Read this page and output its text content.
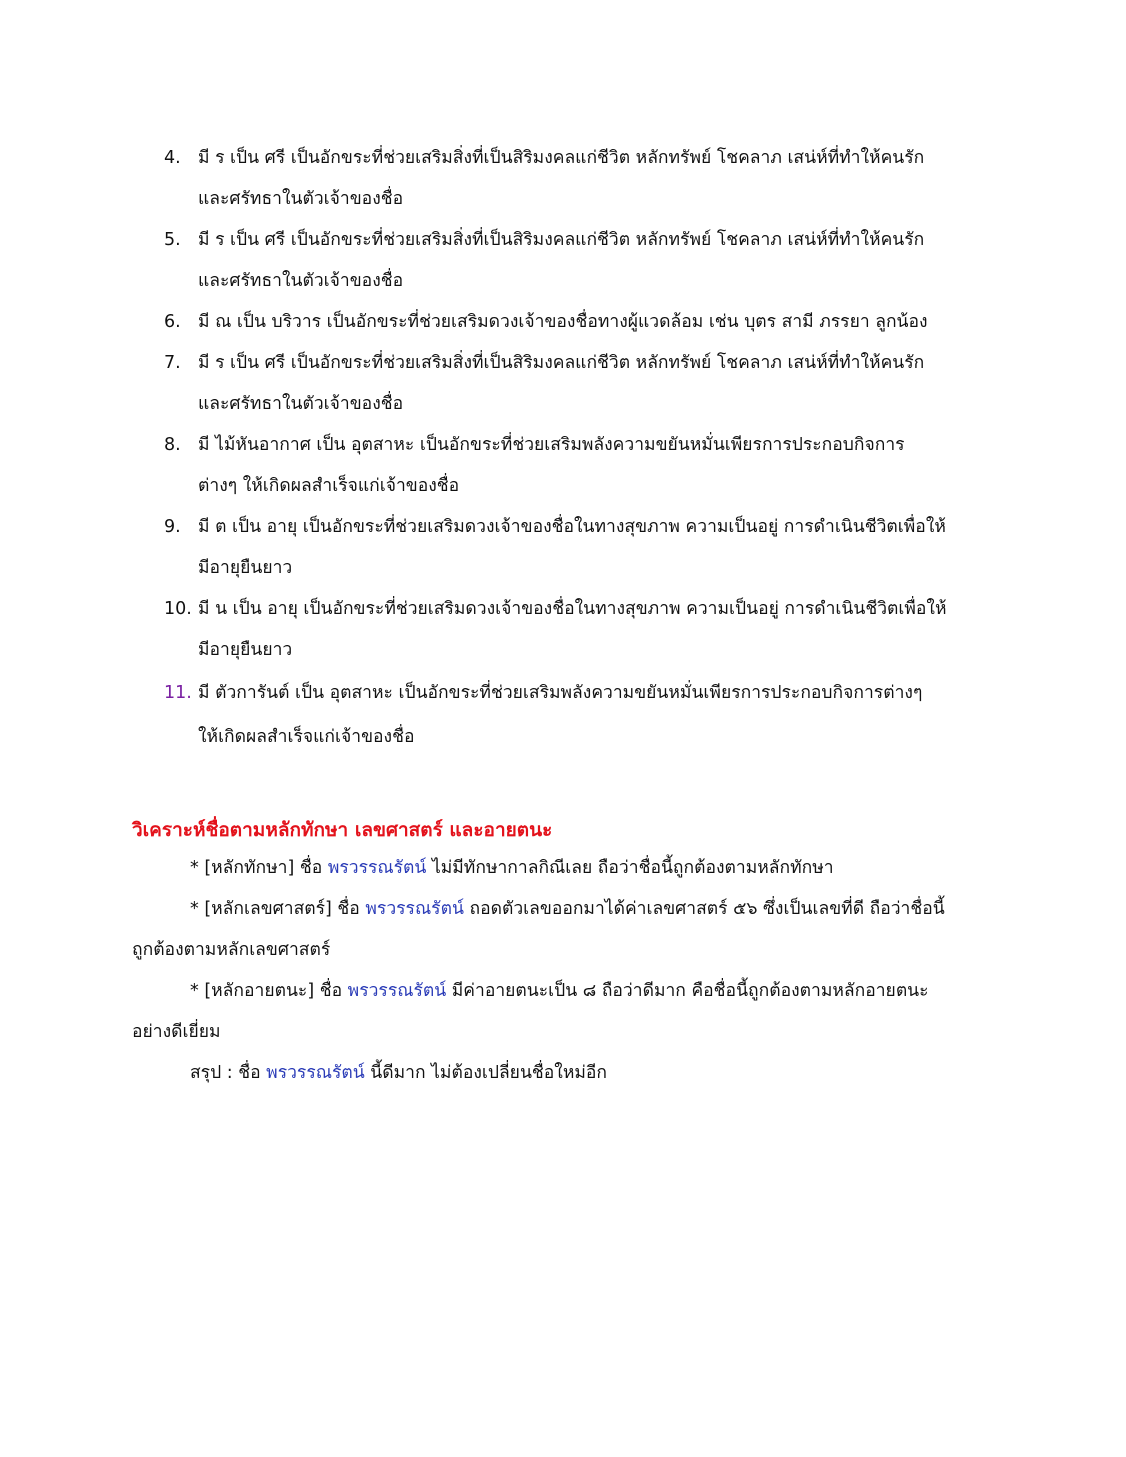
4. มี ร เป็น ศรี เป็นอักขระที่ช่วยเสริมสิ่งที่เป็นสิริมงคลแก่ชีวิต หลักทรัพย์ โชคลาภ เสน่ห์ที่ทำให้คนรัก
และศรัทธาในตัวเจ้าของชื่อ
5. มี ร เป็น ศรี เป็นอักขระที่ช่วยเสริมสิ่งที่เป็นสิริมงคลแก่ชีวิต หลักทรัพย์ โชคลาภ เสน่ห์ที่ทำให้คนรัก
และศรัทธาในตัวเจ้าของชื่อ
6. มี ณ เป็น บริวาร เป็นอักขระที่ช่วยเสริมดวงเจ้าของชื่อทางผู้แวดล้อม เช่น บุตร สามี ภรรยา ลูกน้อง
7. มี ร เป็น ศรี เป็นอักขระที่ช่วยเสริมสิ่งที่เป็นสิริมงคลแก่ชีวิต หลักทรัพย์ โชคลาภ เสน่ห์ที่ทำให้คนรัก
และศรัทธาในตัวเจ้าของชื่อ
8. มี ไม้หันอากาศ เป็น อุตสาหะ เป็นอักขระที่ช่วยเสริมพลังความขยันหมั่นเพียรการประกอบกิจการ
ต่างๆ ให้เกิดผลสำเร็จแก่เจ้าของชื่อ
9. มี ต เป็น อายุ เป็นอักขระที่ช่วยเสริมดวงเจ้าของชื่อในทางสุขภาพ ความเป็นอยู่ การดำเนินชีวิตเพื่อให้
มีอายุยืนยาว
10. มี น เป็น อายุ เป็นอักขระที่ช่วยเสริมดวงเจ้าของชื่อในทางสุขภาพ ความเป็นอยู่ การดำเนินชีวิตเพื่อให้
มีอายุยืนยาว
11. มี ตัวการันต์ เป็น อุตสาหะ เป็นอักขระที่ช่วยเสริมพลังความขยันหมั่นเพียรการประกอบกิจการต่างๆ
ให้เกิดผลสำเร็จแก่เจ้าของชื่อ
วิเคราะห์ชื่อตามหลักทักษา เลขศาสตร์ และอายตนะ
* [หลักทักษา] ชื่อ พรวรรณรัตน์ ไม่มีทักษากาลกิณีเลย ถือว่าชื่อนี้ถูกต้องตามหลักทักษา
* [หลักเลขศาสตร์] ชื่อ พรวรรณรัตน์ ถอดตัวเลขออกมาได้ค่าเลขศาสตร์ ๕๖ ซึ่งเป็นเลขที่ดี ถือว่าชื่อนี้
ถูกต้องตามหลักเลขศาสตร์
* [หลักอายตนะ] ชื่อ พรวรรณรัตน์ มีค่าอายตนะเป็น ๘ ถือว่าดีมาก คือชื่อนี้ถูกต้องตามหลักอายตนะ
อย่างดีเยี่ยม
สรุป : ชื่อ พรวรรณรัตน์ นี้ดีมาก ไม่ต้องเปลี่ยนชื่อใหม่อีก
